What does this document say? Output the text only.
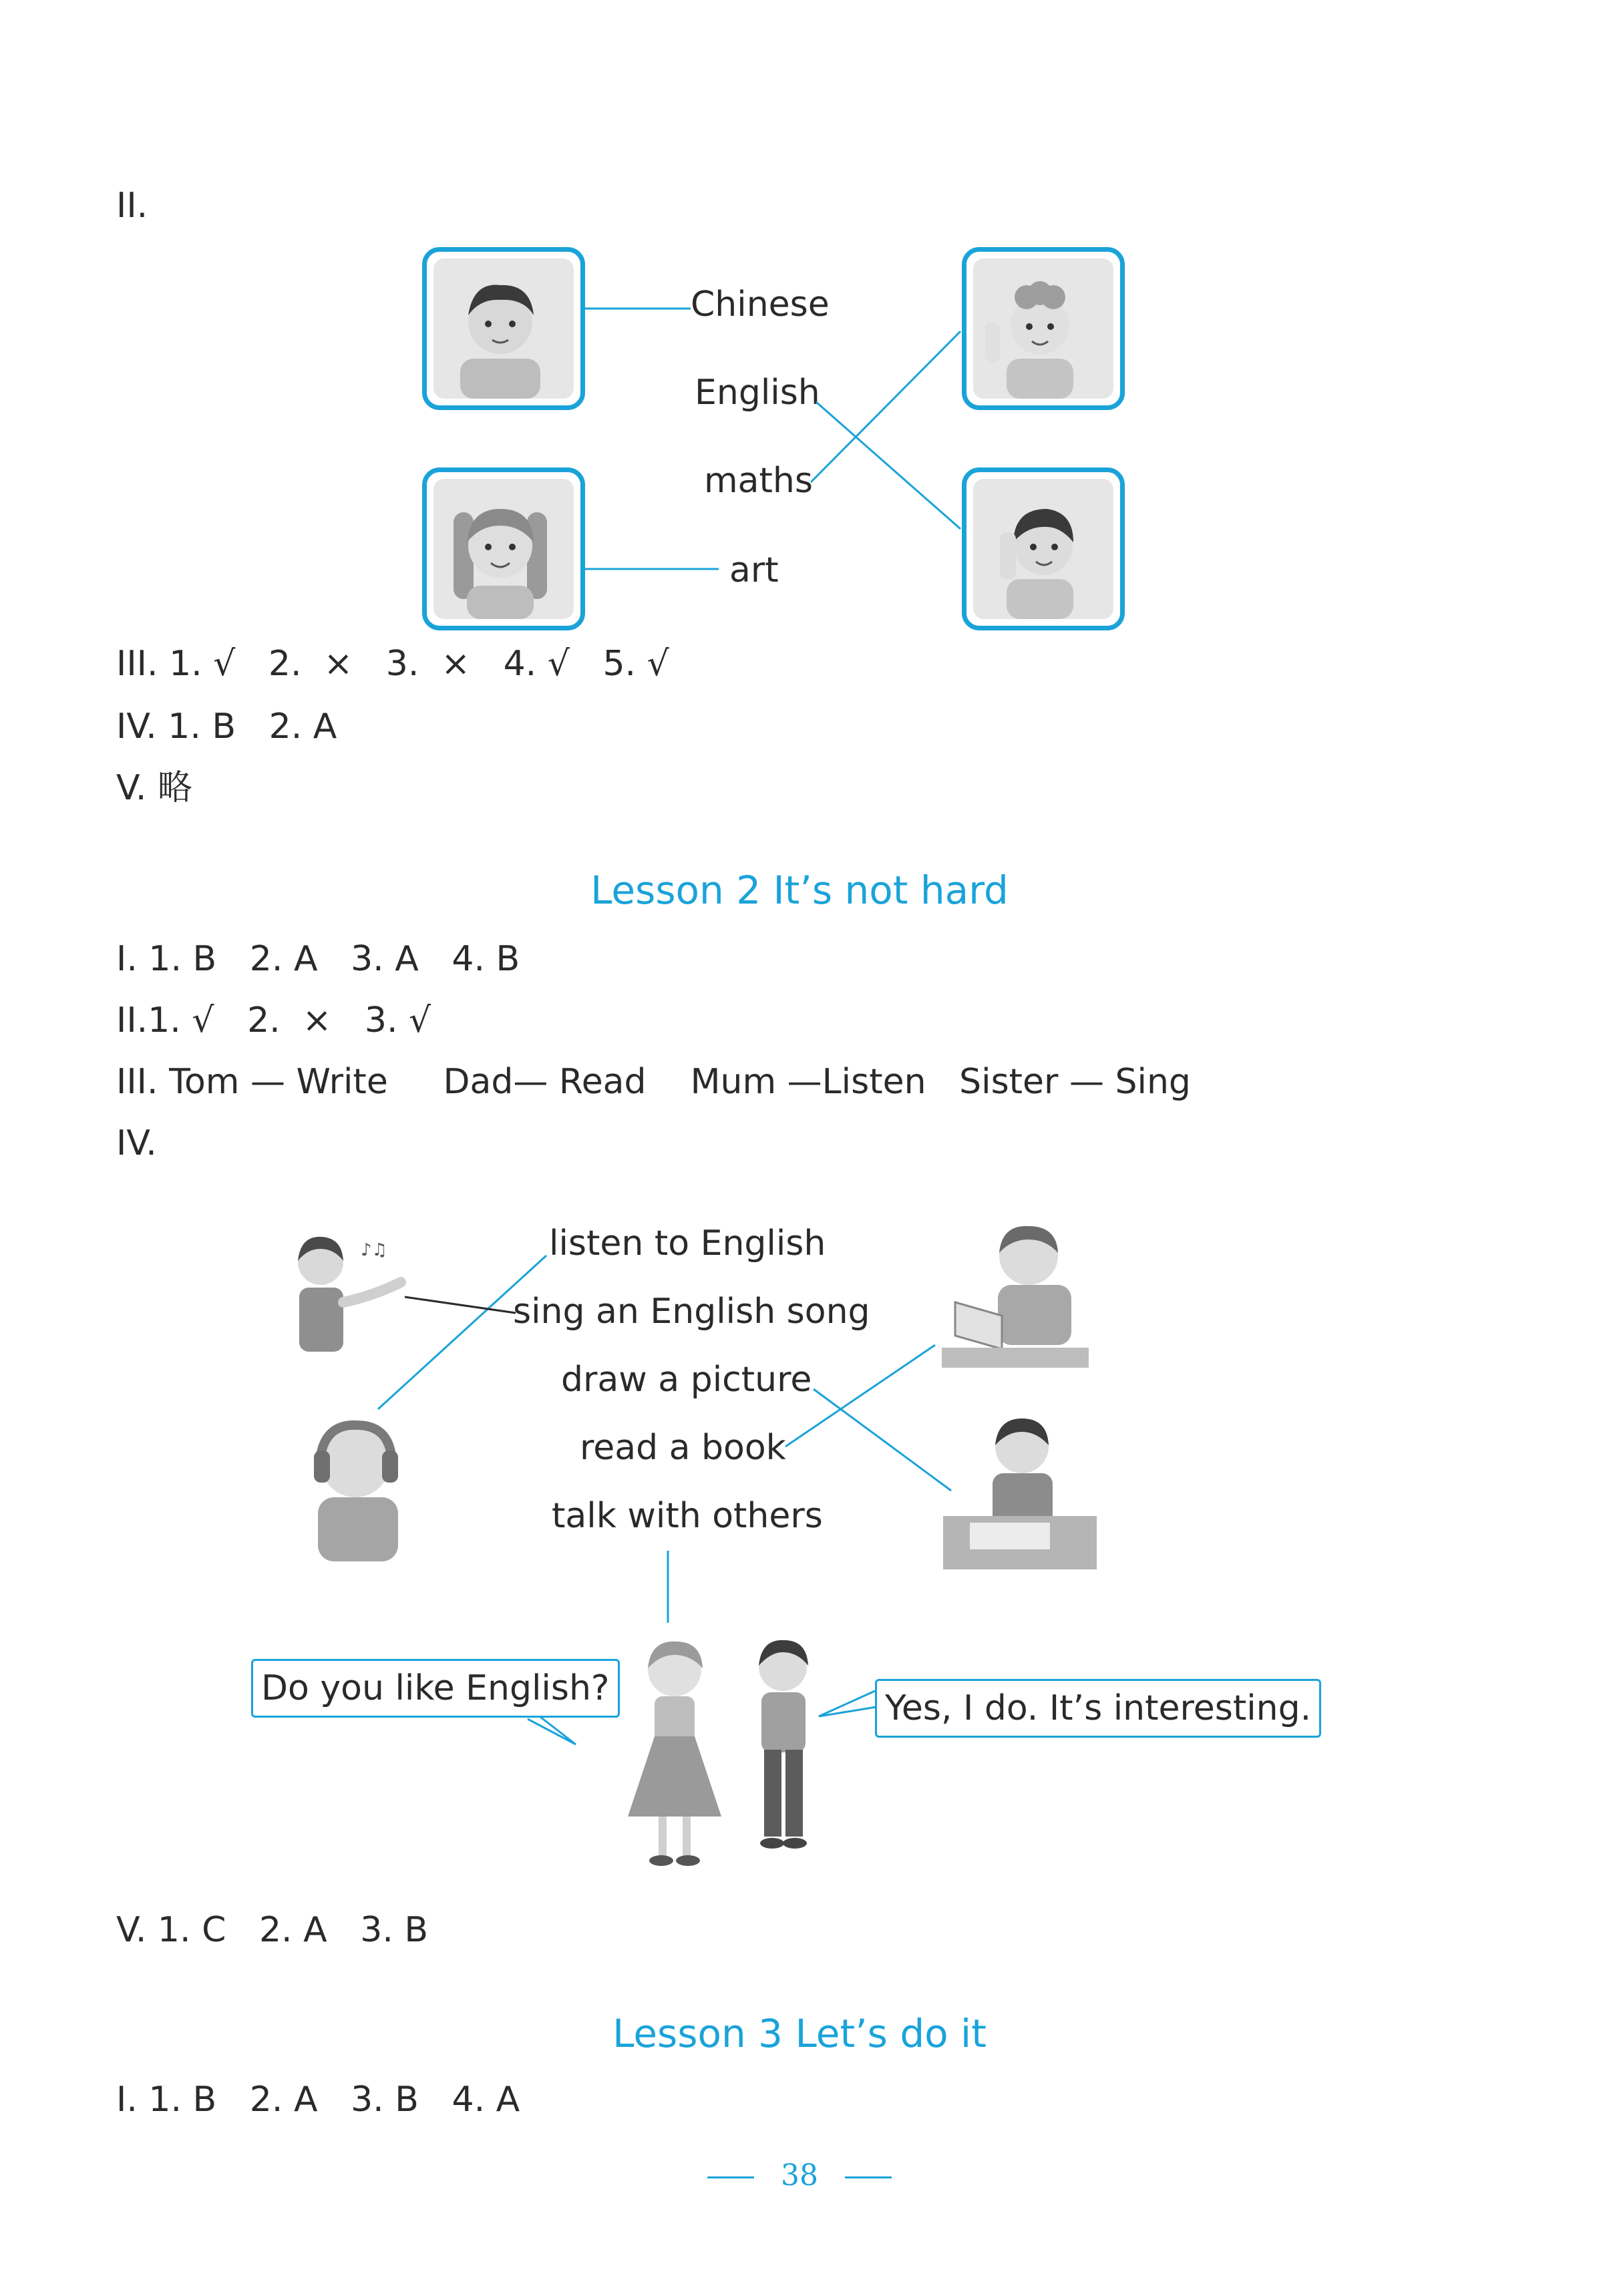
II.
Chinese
English
maths
art
III. 1. √   2.  ×   3.  ×   4. √   5. √
IV. 1. B   2. A
V. 略
Lesson 2 It’s not hard
I. 1. B   2. A   3. A   4. B
II.1. √   2.  ×   3. √
III. Tom — Write     Dad— Read    Mum —Listen   Sister — Sing
IV.
listen to English
sing an English song
draw a picture
read a book
talk with others
♪♫
Do you like English?	Yes, I do. It’s interesting.
V. 1. C   2. A   3. B
Lesson 3 Let’s do it
I. 1. B   2. A   3. B   4. A
38
